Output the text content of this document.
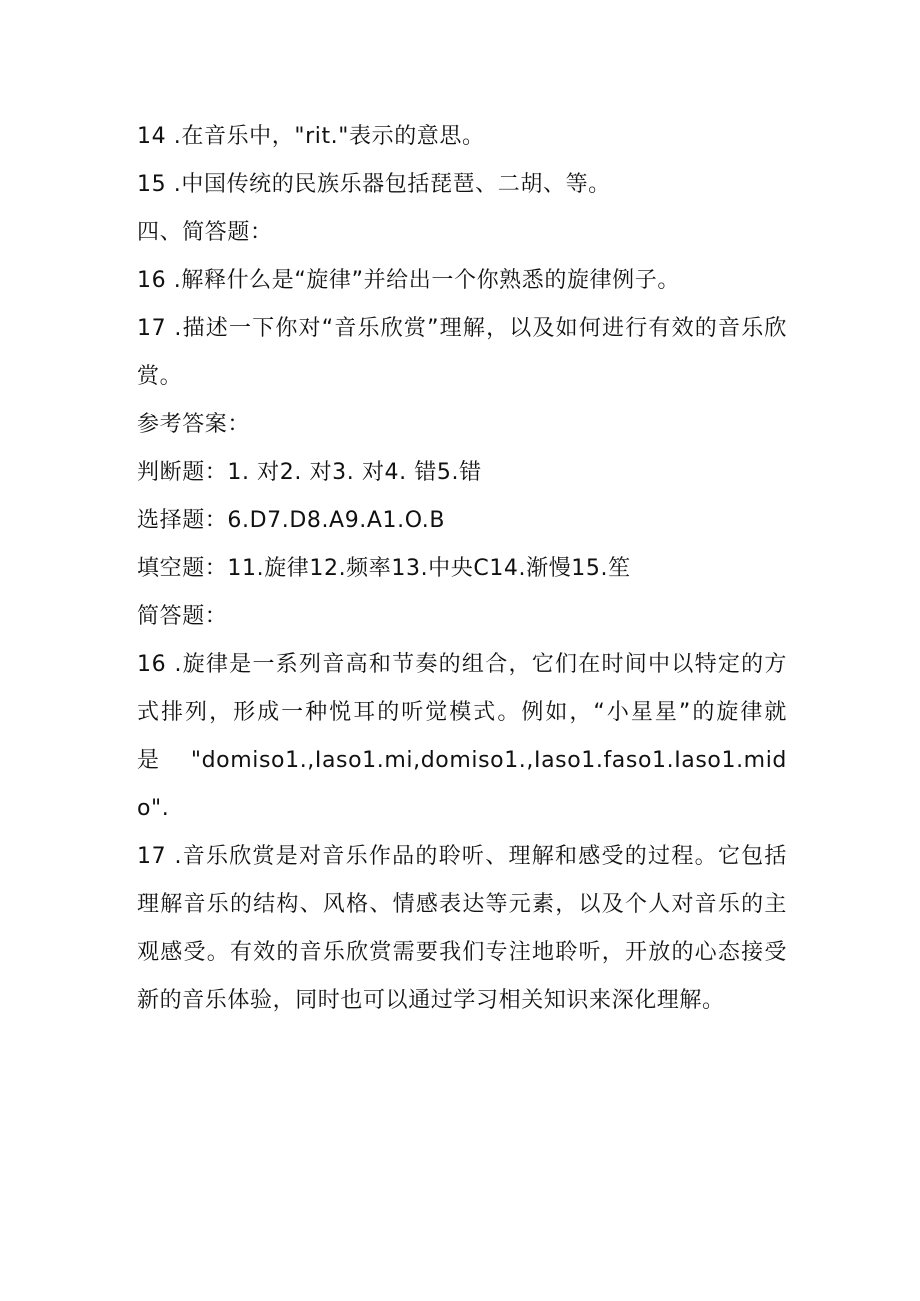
14 .在音乐中，"rit."表示的意思。

15 .中国传统的民族乐器包括琵琶、二胡、等。

四、简答题：

16 .解释什么是“旋律”并给出一个你熟悉的旋律例子。

17 .描述一下你对“音乐欣赏”理解，以及如何进行有效的音乐欣赏。

参考答案：

判断题：1. 对2. 对3. 对4. 错5.错

选择题：6.D7.D8.A9.A1.O.B

填空题：11.旋律12.频率13.中央C14.渐慢15.笙

简答题：

16 .旋律是一系列音高和节奏的组合，它们在时间中以特定的方式排列，形成一种悦耳的听觉模式。例如，“小星星”的旋律就是"domiso1.,Iaso1.mi,domiso1.,Iaso1.faso1.Iaso1.mido".

17 .音乐欣赏是对音乐作品的聆听、理解和感受的过程。它包括理解音乐的结构、风格、情感表达等元素，以及个人对音乐的主观感受。有效的音乐欣赏需要我们专注地聆听，开放的心态接受新的音乐体验，同时也可以通过学习相关知识来深化理解。
